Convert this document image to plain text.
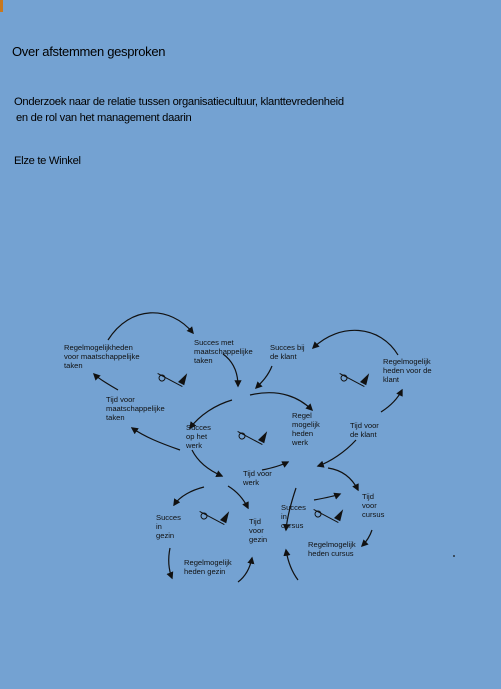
Over afstemmen gesproken
Onderzoek naar de relatie tussen organisatiecultuur, klanttevredenheid
en de rol van het management daarin
Elze te Winkel
Regelmogelijkheden voor maatschappelijke taken
Succes met maatschappelijke taken
Succes bij de klant
Regelmogelijk heden voor de klant
Tijd voor maatschappelijke taken
Succes op het werk
Regel mogelijk heden werk
Tijd voor de klant
Tijd voor werk
Succes in gezin
Tijd voor gezin
Succes in cursus
Tijd voor cursus
Regelmogelijk heden gezin
Regelmogelijk heden cursus
